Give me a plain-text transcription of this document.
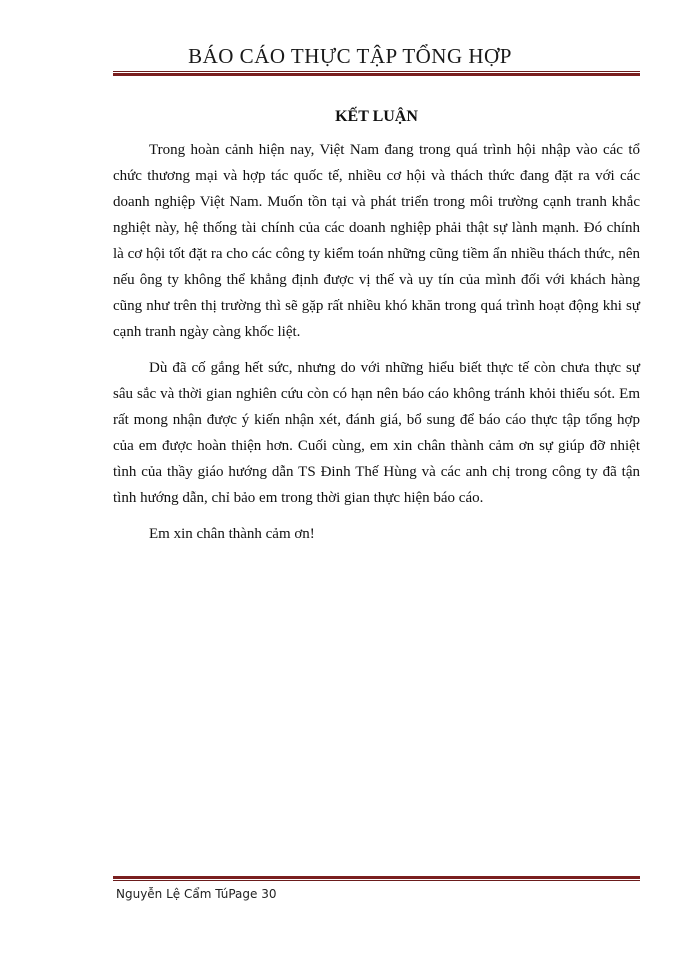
BÁO CÁO THỰC TẬP TỔNG HỢP
KẾT LUẬN

Trong hoàn cảnh hiện nay, Việt Nam đang trong quá trình hội nhập vào các tổ chức thương mại và hợp tác quốc tế, nhiều cơ hội và thách thức đang đặt ra với các doanh nghiệp Việt Nam. Muốn tồn tại và phát triển trong môi trường cạnh tranh khắc nghiệt này, hệ thống tài chính của các doanh nghiệp phải thật sự lành mạnh. Đó chính là cơ hội tốt đặt ra cho các công ty kiểm toán những cũng tiềm ẩn nhiều thách thức, nên nếu ông ty không thể khẳng định được vị thế và uy tín của mình đối với khách hàng cũng như trên thị trường thì sẽ gặp rất nhiều khó khăn trong quá trình hoạt động khi sự cạnh tranh ngày càng khốc liệt.

Dù đã cố gắng hết sức, nhưng do với những hiểu biết thực tế còn chưa thực sự sâu sắc và thời gian nghiên cứu còn có hạn nên báo cáo không tránh khỏi thiếu sót. Em rất mong nhận được ý kiến nhận xét, đánh giá, bổ sung để báo cáo thực tập tổng hợp của em được hoàn thiện hơn. Cuối cùng, em xin chân thành cảm ơn sự giúp đỡ nhiệt tình của thầy giáo hướng dẫn TS Đinh Thế Hùng và các anh chị trong công ty đã tận tình hướng dẫn, chỉ bảo em trong thời gian thực hiện báo cáo.

Em xin chân thành cảm ơn!

Nguyễn Lệ Cẩm TúPage 30
